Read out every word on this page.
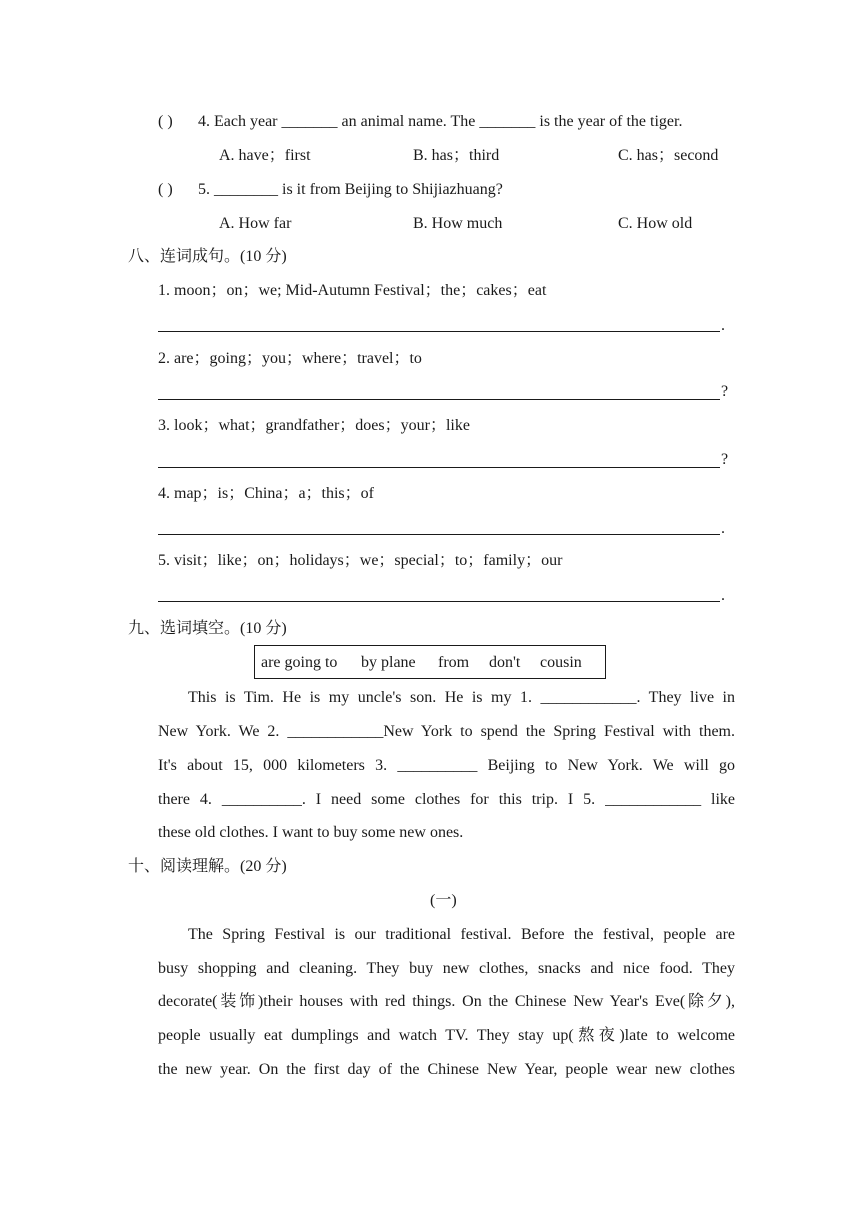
( ) 4. Each year _______ an animal name. The _______ is the year of the tiger.
A. have；first	B. has；third	C. has；second
( ) 5. ________ is it from Beijing to Shijiazhuang?
A. How far	B. How much	C. How old
八、连词成句。(10 分)
1. moon；on；we; Mid-Autumn Festival；the；cakes；eat
.
2. are；going；you；where；travel；to
?
3. look；what；grandfather；does；your；like
?
4. map；is；China；a；this；of
.
5. visit；like；on；holidays；we；special；to；family；our
.
九、选词填空。(10 分)
are going to by plane from don't cousin
This is Tim. He is my uncle's son. He is my 1. ____________. They live in
New York. We 2. ____________New York to spend the Spring Festival with them.
It's about 15, 000 kilometers 3. __________ Beijing to New York. We will go
there 4. __________. I need some clothes for this trip. I 5. ____________ like
these old clothes. I want to buy some new ones.
十、阅读理解。(20 分)
(一)
The Spring Festival is our traditional festival. Before the festival, people are
busy shopping and cleaning. They buy new clothes, snacks and nice food. They
decorate(装饰)their houses with red things. On the Chinese New Year's Eve(除夕),
people usually eat dumplings and watch TV. They stay up(熬夜)late to welcome
the new year. On the first day of the Chinese New Year, people wear new clothes
